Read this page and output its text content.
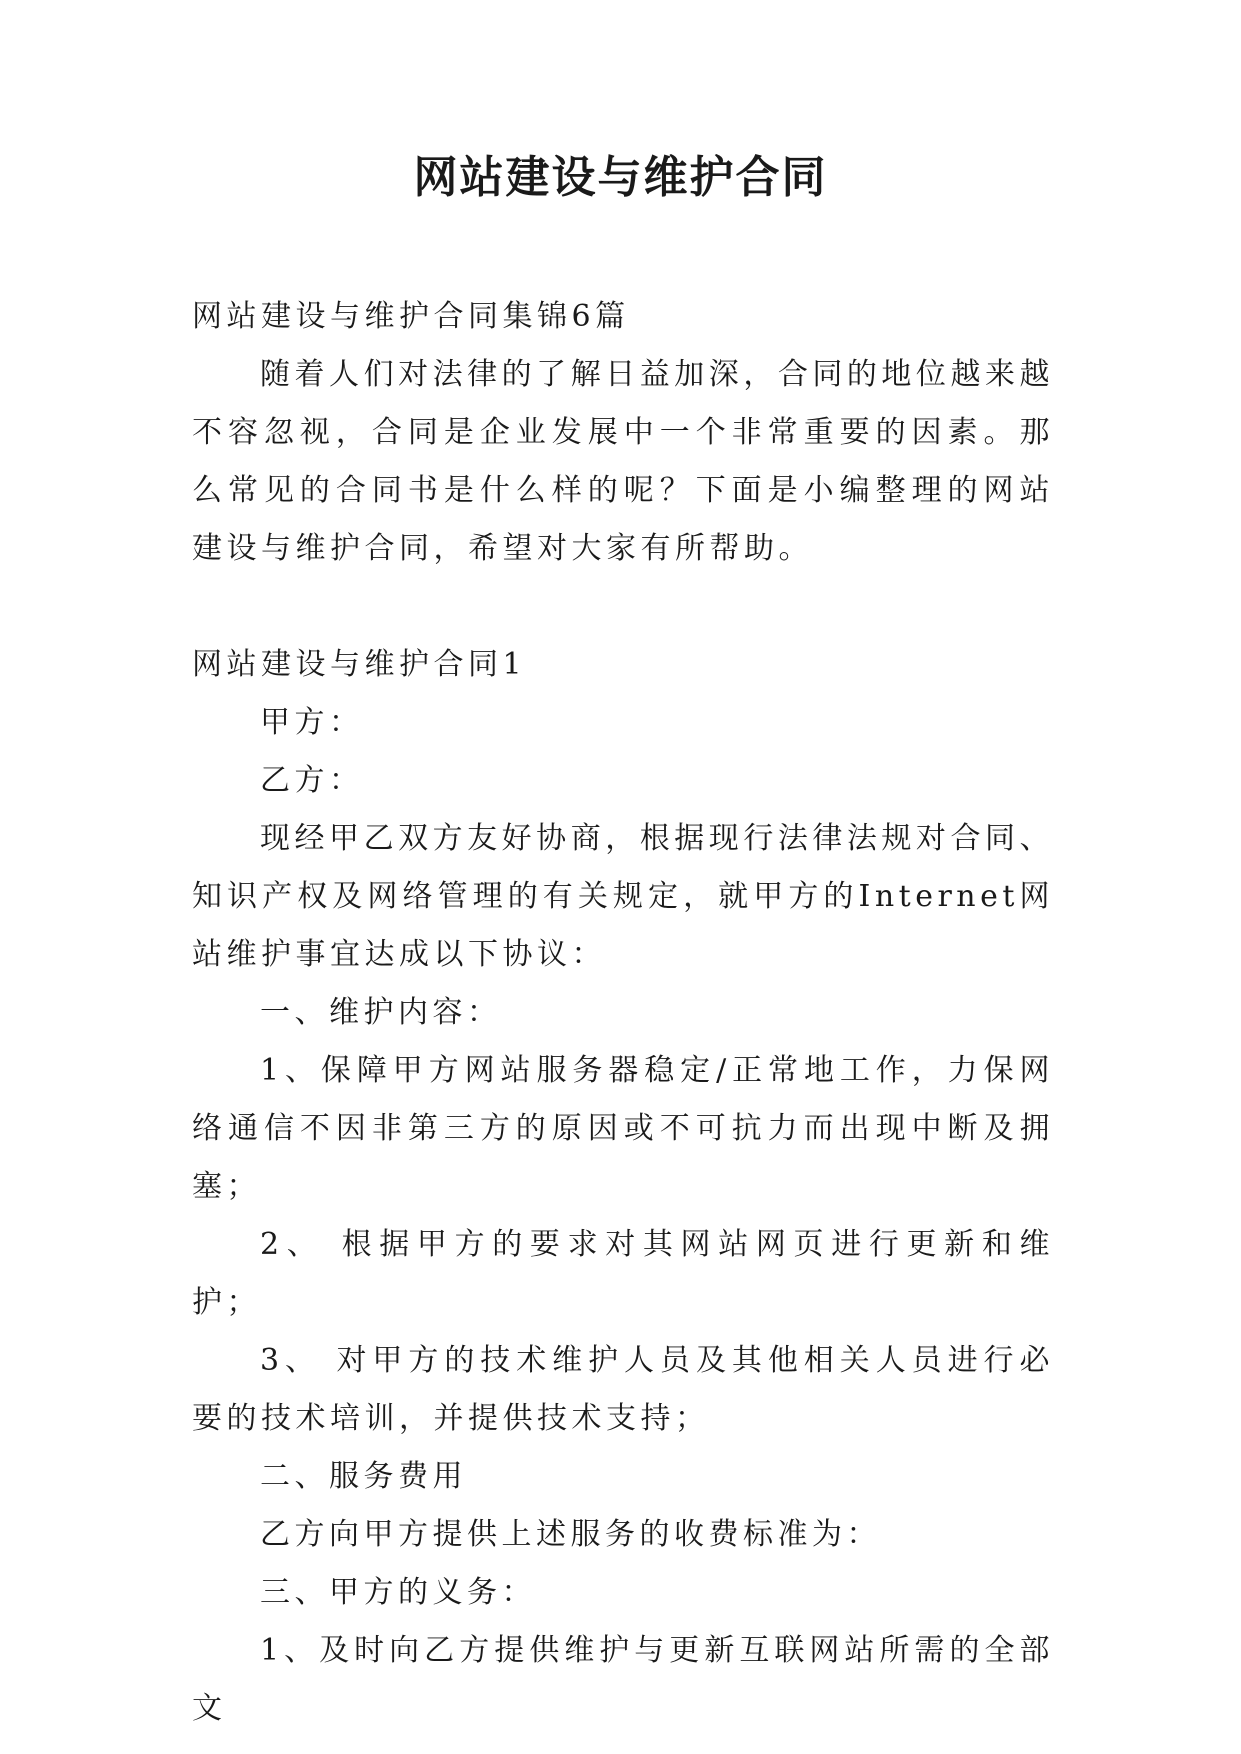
网站建设与维护合同

网站建设与维护合同集锦6篇

随着人们对法律的了解日益加深，合同的地位越来越不容忽视，合同是企业发展中一个非常重要的因素。那么常见的合同书是什么样的呢？下面是小编整理的网站建设与维护合同，希望对大家有所帮助。

网站建设与维护合同1

甲方：

乙方：

现经甲乙双方友好协商，根据现行法律法规对合同、知识产权及网络管理的有关规定，就甲方的Internet网站维护事宜达成以下协议：

一、维护内容：

1、保障甲方网站服务器稳定/正常地工作，力保网络通信不因非第三方的原因或不可抗力而出现中断及拥塞；

2、 根据甲方的要求对其网站网页进行更新和维护；

3、 对甲方的技术维护人员及其他相关人员进行必要的技术培训，并提供技术支持；

二、服务费用

乙方向甲方提供上述服务的收费标准为：

三、甲方的义务：

1、及时向乙方提供维护与更新互联网站所需的全部文
